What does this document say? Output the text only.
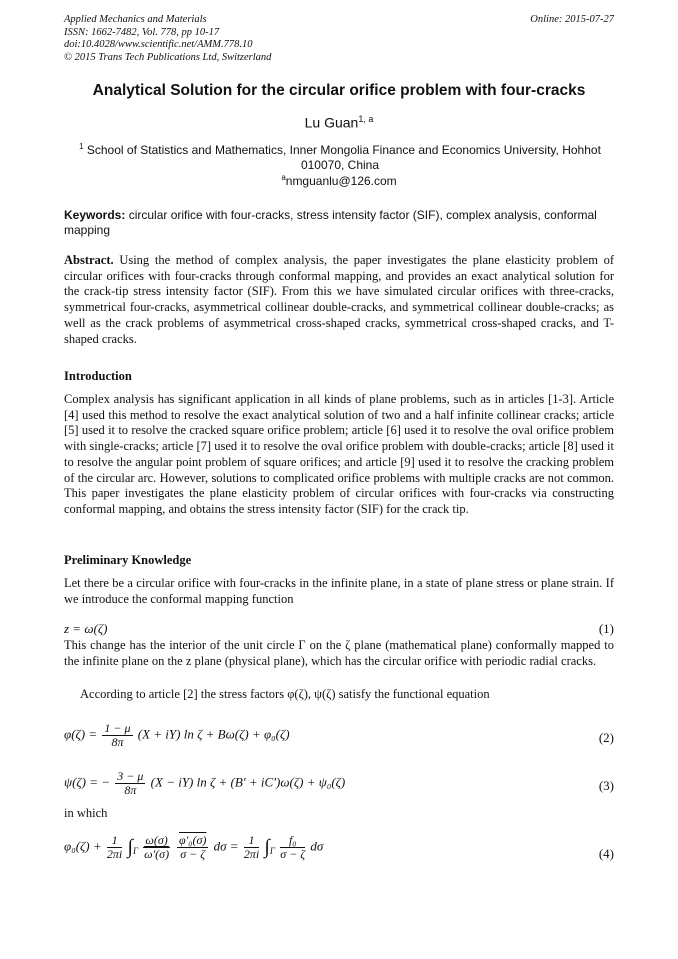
Applied Mechanics and Materials
ISSN: 1662-7482, Vol. 778, pp 10-17
doi:10.4028/www.scientific.net/AMM.778.10
© 2015 Trans Tech Publications Ltd, Switzerland
Online: 2015-07-27
Analytical Solution for the circular orifice problem with four-cracks
Lu Guan$^{1, a}$
$^1$ School of Statistics and Mathematics, Inner Mongolia Finance and Economics University, Hohhot 010070, China
$^a$nmguanlu@126.com
Keywords: circular orifice with four-cracks, stress intensity factor (SIF), complex analysis, conformal mapping
Abstract. Using the method of complex analysis, the paper investigates the plane elasticity problem of circular orifices with four-cracks through conformal mapping, and provides an exact analytical solution for the crack-tip stress intensity factor (SIF). From this we have simulated circular orifices with three-cracks, symmetrical four-cracks, asymmetrical collinear double-cracks, and symmetrical collinear double-cracks; as well as the crack problems of asymmetrical cross-shaped cracks, symmetrical cross-shaped cracks, and T-shaped cracks.
Introduction
Complex analysis has significant application in all kinds of plane problems, such as in articles [1-3]. Article [4] used this method to resolve the exact analytical solution of two and a half infinite collinear cracks; article [5] used it to resolve the cracked square orifice problem; article [6] used it to resolve the oval orifice problem with single-cracks; article [7] used it to resolve the oval orifice problem with double-cracks; article [8] used it to resolve the angular point problem of square orifices; and article [9] used it to resolve the cracking problem of the circular arc. However, solutions to complicated orifice problems with multiple cracks are not common. This paper investigates the plane elasticity problem of circular orifices with four-cracks via constructing conformal mapping, and obtains the stress intensity factor (SIF) for the crack tip.
Preliminary Knowledge
Let there be a circular orifice with four-cracks in the infinite plane, in a state of plane stress or plane strain. If we introduce the conformal mapping function
z = ω(ζ)	(1)
This change has the interior of the unit circle Γ on the ζ plane (mathematical plane) conformally mapped to the infinite plane on the z plane (physical plane), which has the circular orifice with periodic radial cracks.
According to article [2] the stress factors φ(ζ), ψ(ζ) satisfy the functional equation
$\varphi(\zeta) = \frac{1 - \mu}{8\pi} (X + iY)$ ln ζ + Bω(ζ) + φ₀(ζ)	(2)
ψ(ζ) = − $\frac{3 - \mu}{8\pi} (X - iY)$ ln ζ + (B′ + iC′)ω(ζ) + ψ₀(ζ)	(3)
in which
$\varphi_0(\zeta) + \frac{1}{2\pi i} \int_\Gamma \frac{\omega(\sigma)}{\omega'(\sigma)}$
$\frac{\text{φ′₀(σ)}}{\sigma - \zeta}$ $d\sigma = \frac{1}{2\pi i} \int_\Gamma \frac{\text{f₀}}{\sigma - \zeta}$ dσ
(4)
